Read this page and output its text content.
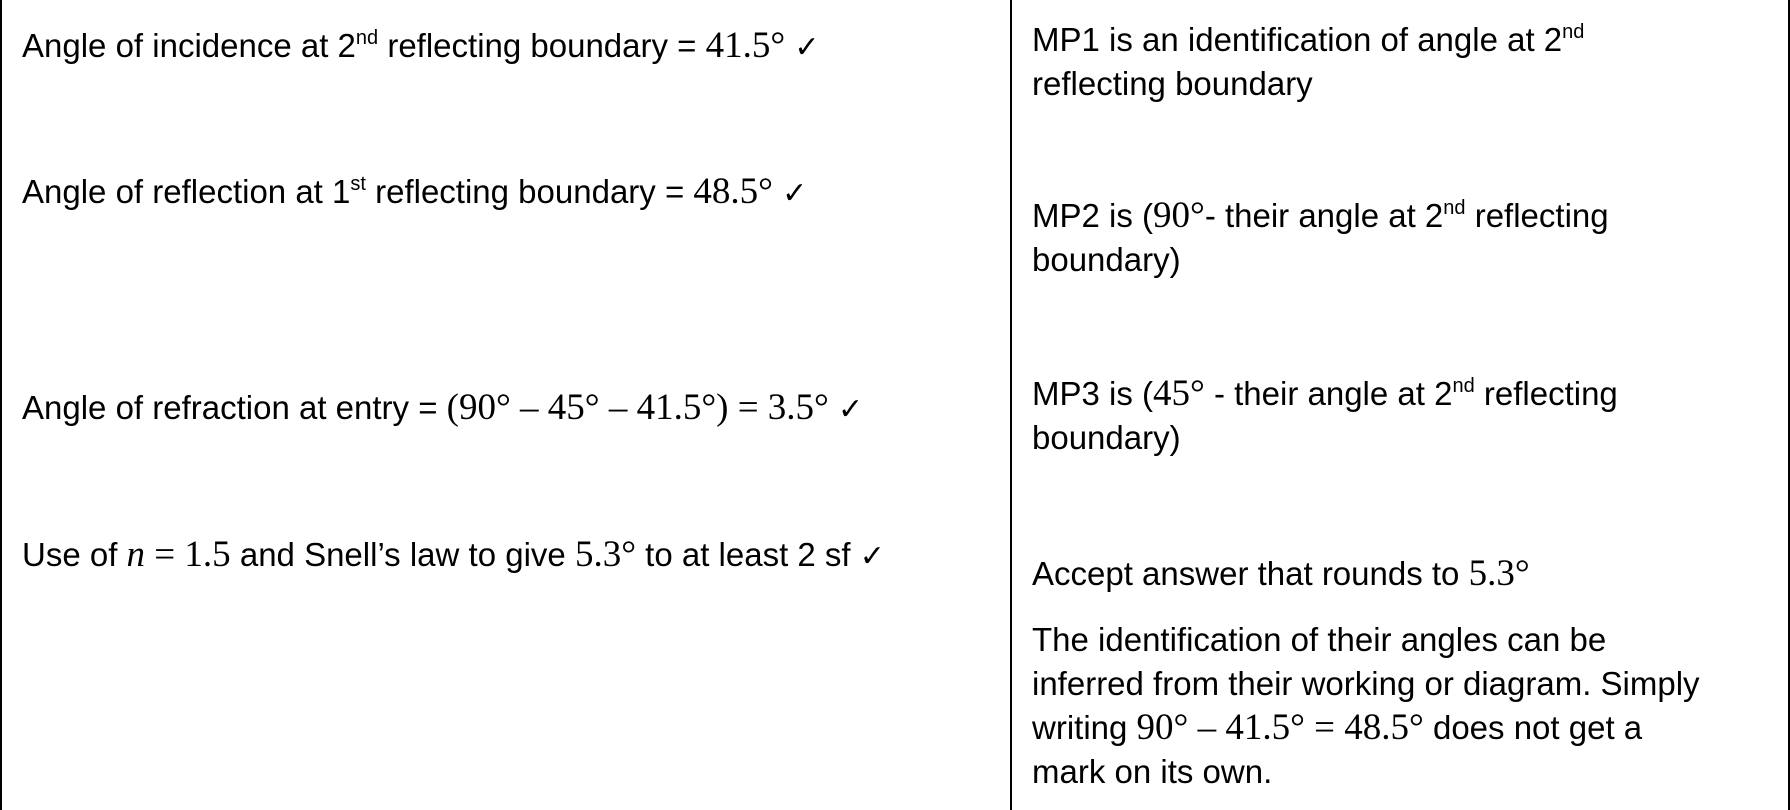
Angle of incidence at 2nd reflecting boundary = 41.5° ✓
Angle of reflection at 1st reflecting boundary = 48.5° ✓
Angle of refraction at entry = (90° – 45° – 41.5°) = 3.5° ✓
Use of n = 1.5 and Snell’s law to give 5.3° to at least 2 sf ✓
MP1 is an identification of angle at 2nd
reflecting boundary
MP2 is (90°- their angle at 2nd reflecting
boundary)
MP3 is (45° - their angle at 2nd reflecting
boundary)
Accept answer that rounds to 5.3°
The identification of their angles can be
inferred from their working or diagram. Simply
writing 90° – 41.5° = 48.5° does not get a
mark on its own.
